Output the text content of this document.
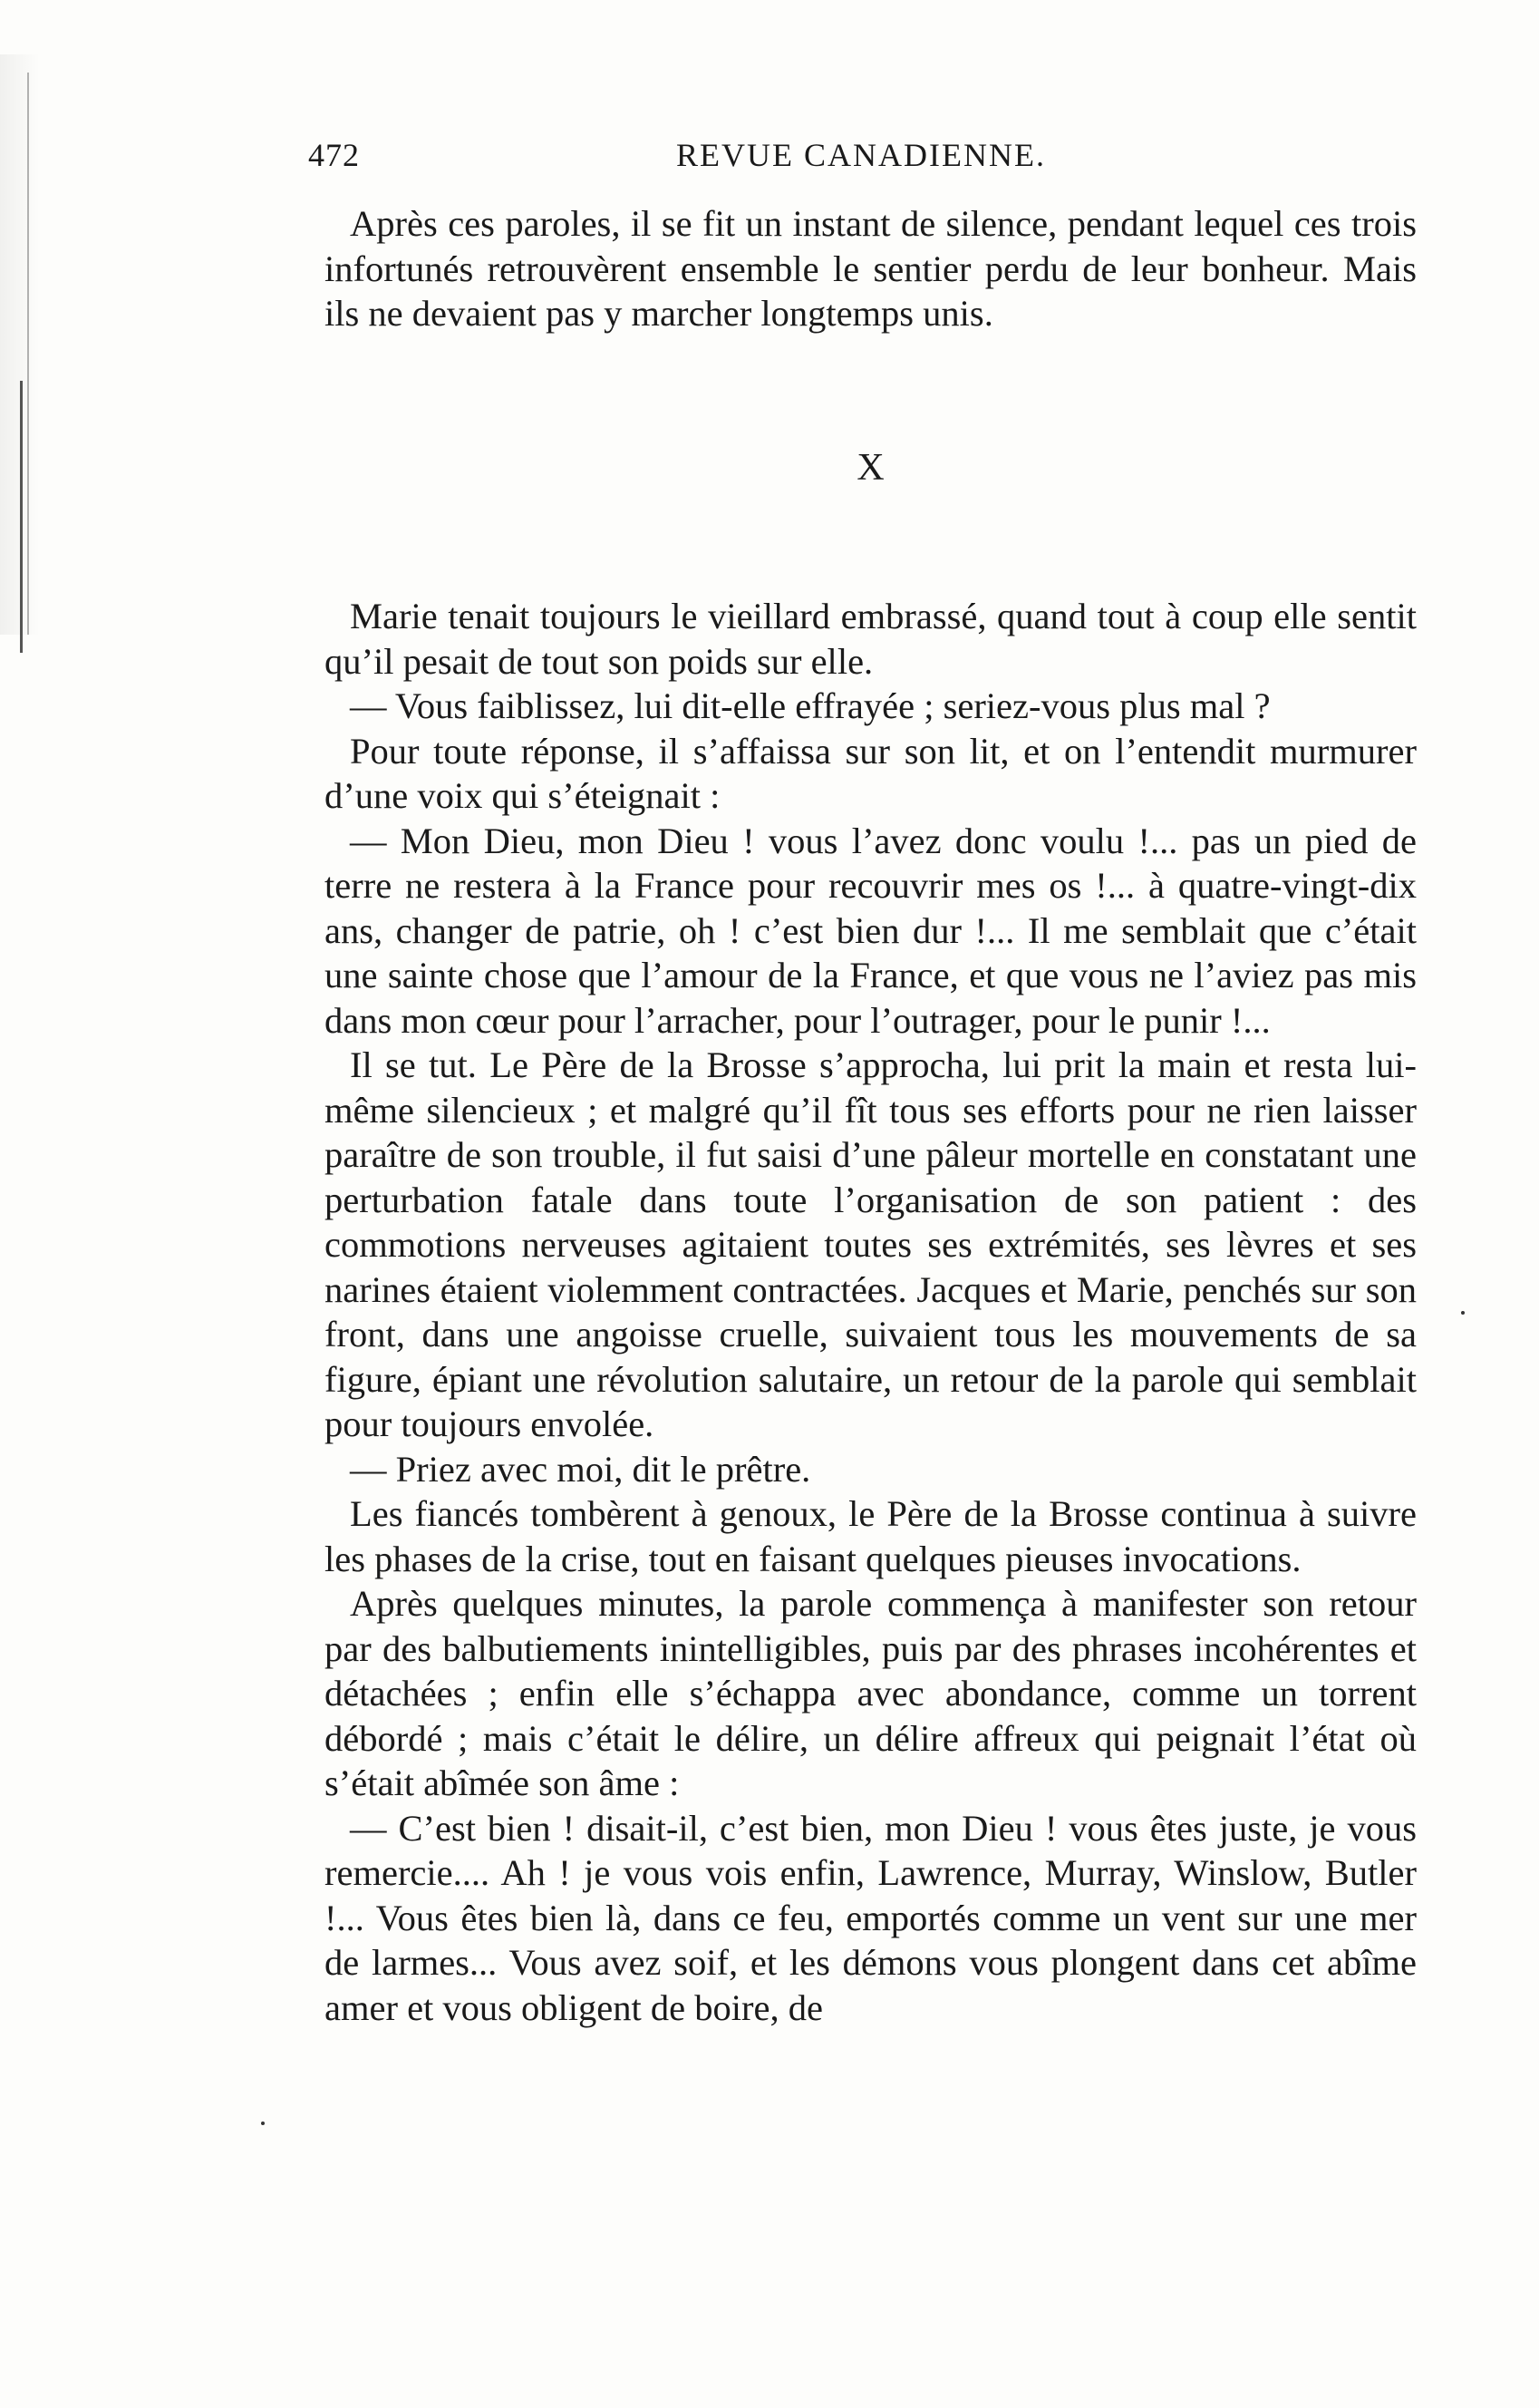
472	REVUE CANADIENNE.

Après ces paroles, il se fit un instant de silence, pendant lequel ces trois infortunés retrouvèrent ensemble le sentier perdu de leur bonheur. Mais ils ne devaient pas y marcher longtemps unis.

X

Marie tenait toujours le vieillard embrassé, quand tout à coup elle sentit qu’il pesait de tout son poids sur elle.

— Vous faiblissez, lui dit-elle effrayée ; seriez-vous plus mal ?

Pour toute réponse, il s’affaissa sur son lit, et on l’entendit murmurer d’une voix qui s’éteignait :

— Mon Dieu, mon Dieu ! vous l’avez donc voulu !... pas un pied de terre ne restera à la France pour recouvrir mes os !... à quatre-vingt-dix ans, changer de patrie, oh ! c’est bien dur !... Il me semblait que c’était une sainte chose que l’amour de la France, et que vous ne l’aviez pas mis dans mon cœur pour l’arracher, pour l’outrager, pour le punir !...

Il se tut. Le Père de la Brosse s’approcha, lui prit la main et resta lui-même silencieux ; et malgré qu’il fît tous ses efforts pour ne rien laisser paraître de son trouble, il fut saisi d’une pâleur mortelle en constatant une perturbation fatale dans toute l’organisation de son patient : des commotions nerveuses agitaient toutes ses extrémités, ses lèvres et ses narines étaient violemment contractées. Jacques et Marie, penchés sur son front, dans une angoisse cruelle, suivaient tous les mouvements de sa figure, épiant une révolution salutaire, un retour de la parole qui semblait pour toujours envolée.

— Priez avec moi, dit le prêtre.

Les fiancés tombèrent à genoux, le Père de la Brosse continua à suivre les phases de la crise, tout en faisant quelques pieuses invocations.

Après quelques minutes, la parole commença à manifester son retour par des balbutiements inintelligibles, puis par des phrases incohérentes et détachées ; enfin elle s’échappa avec abondance, comme un torrent débordé ; mais c’était le délire, un délire affreux qui peignait l’état où s’était abîmée son âme :

— C’est bien ! disait-il, c’est bien, mon Dieu ! vous êtes juste, je vous remercie.... Ah ! je vous vois enfin, Lawrence, Murray, Winslow, Butler !... Vous êtes bien là, dans ce feu, emportés comme un vent sur une mer de larmes... Vous avez soif, et les démons vous plongent dans cet abîme amer et vous obligent de boire, de
